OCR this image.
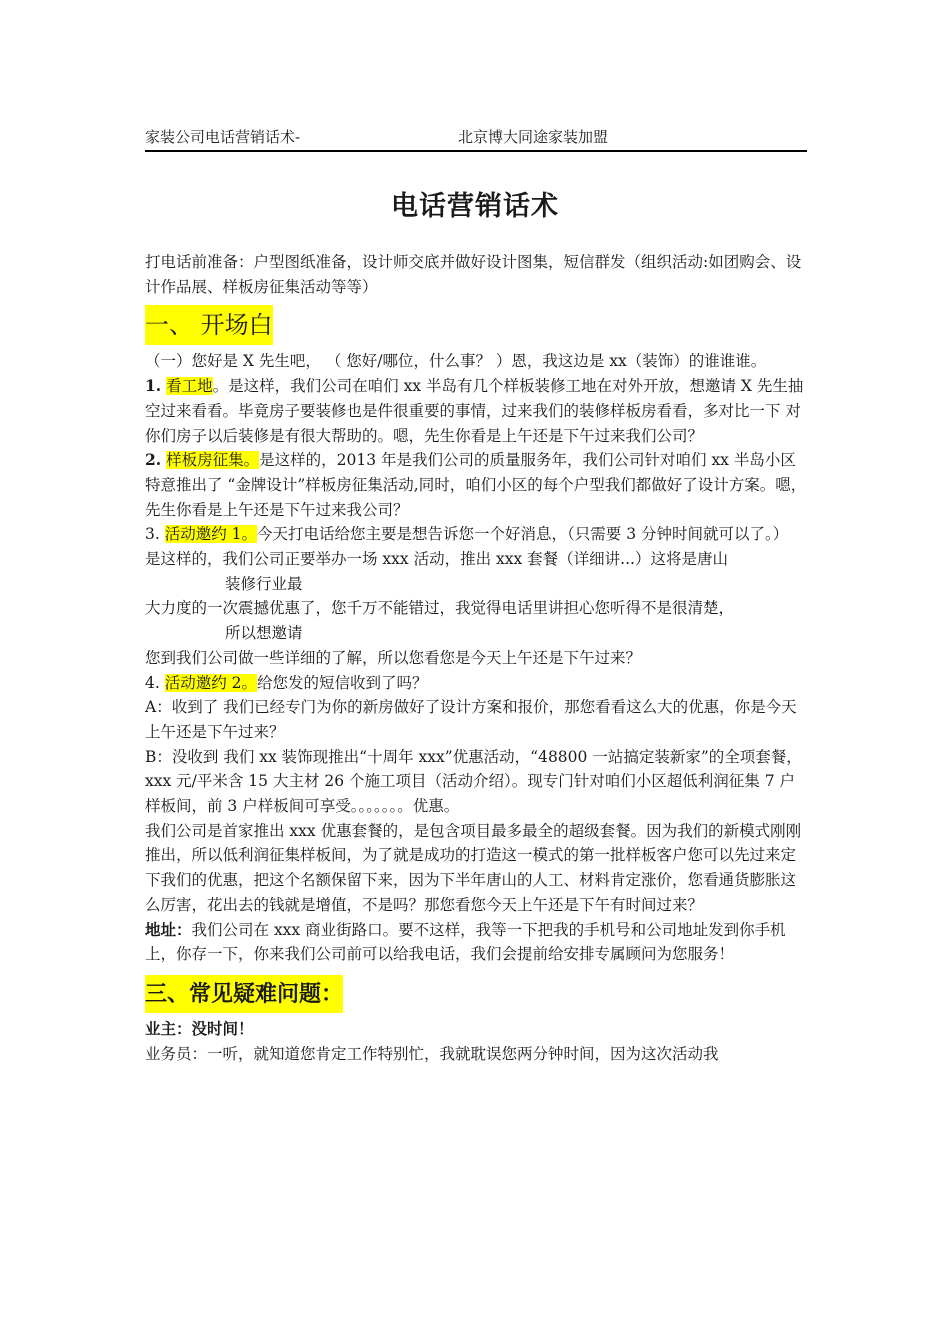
家装公司电话营销话术-	北京博大同途家装加盟
电话营销话术

打电话前准备：户型图纸准备，设计师交底并做好设计图集，短信群发（组织活动:如团购会、设计作品展、样板房征集活动等等）

一、 开场白

（一）您好是 X 先生吧， （ 您好/哪位，什么事？ ）恩，我这边是 xx（装饰）的谁谁谁。

1. 看工地。是这样，我们公司在咱们 xx 半岛有几个样板装修工地在对外开放，想邀请 X 先生抽空过来看看。毕竟房子要装修也是件很重要的事情，过来我们的装修样板房看看，多对比一下 对你们房子以后装修是有很大帮助的。嗯，先生你看是上午还是下午过来我们公司？

2. 样板房征集。是这样的，2013 年是我们公司的质量服务年，我们公司针对咱们 xx 半岛小区特意推出了 “金牌设计”样板房征集活动,同时，咱们小区的每个户型我们都做好了设计方案。嗯，先生你看是上午还是下午过来我公司？

3. 活动邀约 1。今天打电话给您主要是想告诉您一个好消息，（只需要 3 分钟时间就可以了。）

是这样的，我们公司正要举办一场 xxx 活动，推出 xxx 套餐（详细讲...）这将是唐山

装修行业最

大力度的一次震撼优惠了，您千万不能错过，我觉得电话里讲担心您听得不是很清楚，

所以想邀请

您到我们公司做一些详细的了解，所以您看您是今天上午还是下午过来？

4. 活动邀约 2。给您发的短信收到了吗？

A：收到了 我们已经专门为你的新房做好了设计方案和报价，那您看看这么大的优惠，你是今天上午还是下午过来？

B：没收到 我们 xx 装饰现推出“十周年 xxx”优惠活动，“48800 一站搞定装新家”的全项套餐，xxx 元/平米含 15 大主材 26 个施工项目（活动介绍）。现专门针对咱们小区超低利润征集 7 户样板间，前 3 户样板间可享受。。。。。。。优惠。

我们公司是首家推出 xxx 优惠套餐的，是包含项目最多最全的超级套餐。因为我们的新模式刚刚推出，所以低利润征集样板间，为了就是成功的打造这一模式的第一批样板客户您可以先过来定下我们的优惠，把这个名额保留下来，因为下半年唐山的人工、材料肯定涨价，您看通货膨胀这么厉害，花出去的钱就是增值，不是吗？那您看您今天上午还是下午有时间过来？

地址：我们公司在 xxx 商业街路口。要不这样，我等一下把我的手机号和公司地址发到你手机上，你存一下，你来我们公司前可以给我电话，我们会提前给安排专属顾问为您服务！

三、常见疑难问题：

业主：没时间！

业务员：一听，就知道您肯定工作特别忙，我就耽误您两分钟时间，因为这次活动我
